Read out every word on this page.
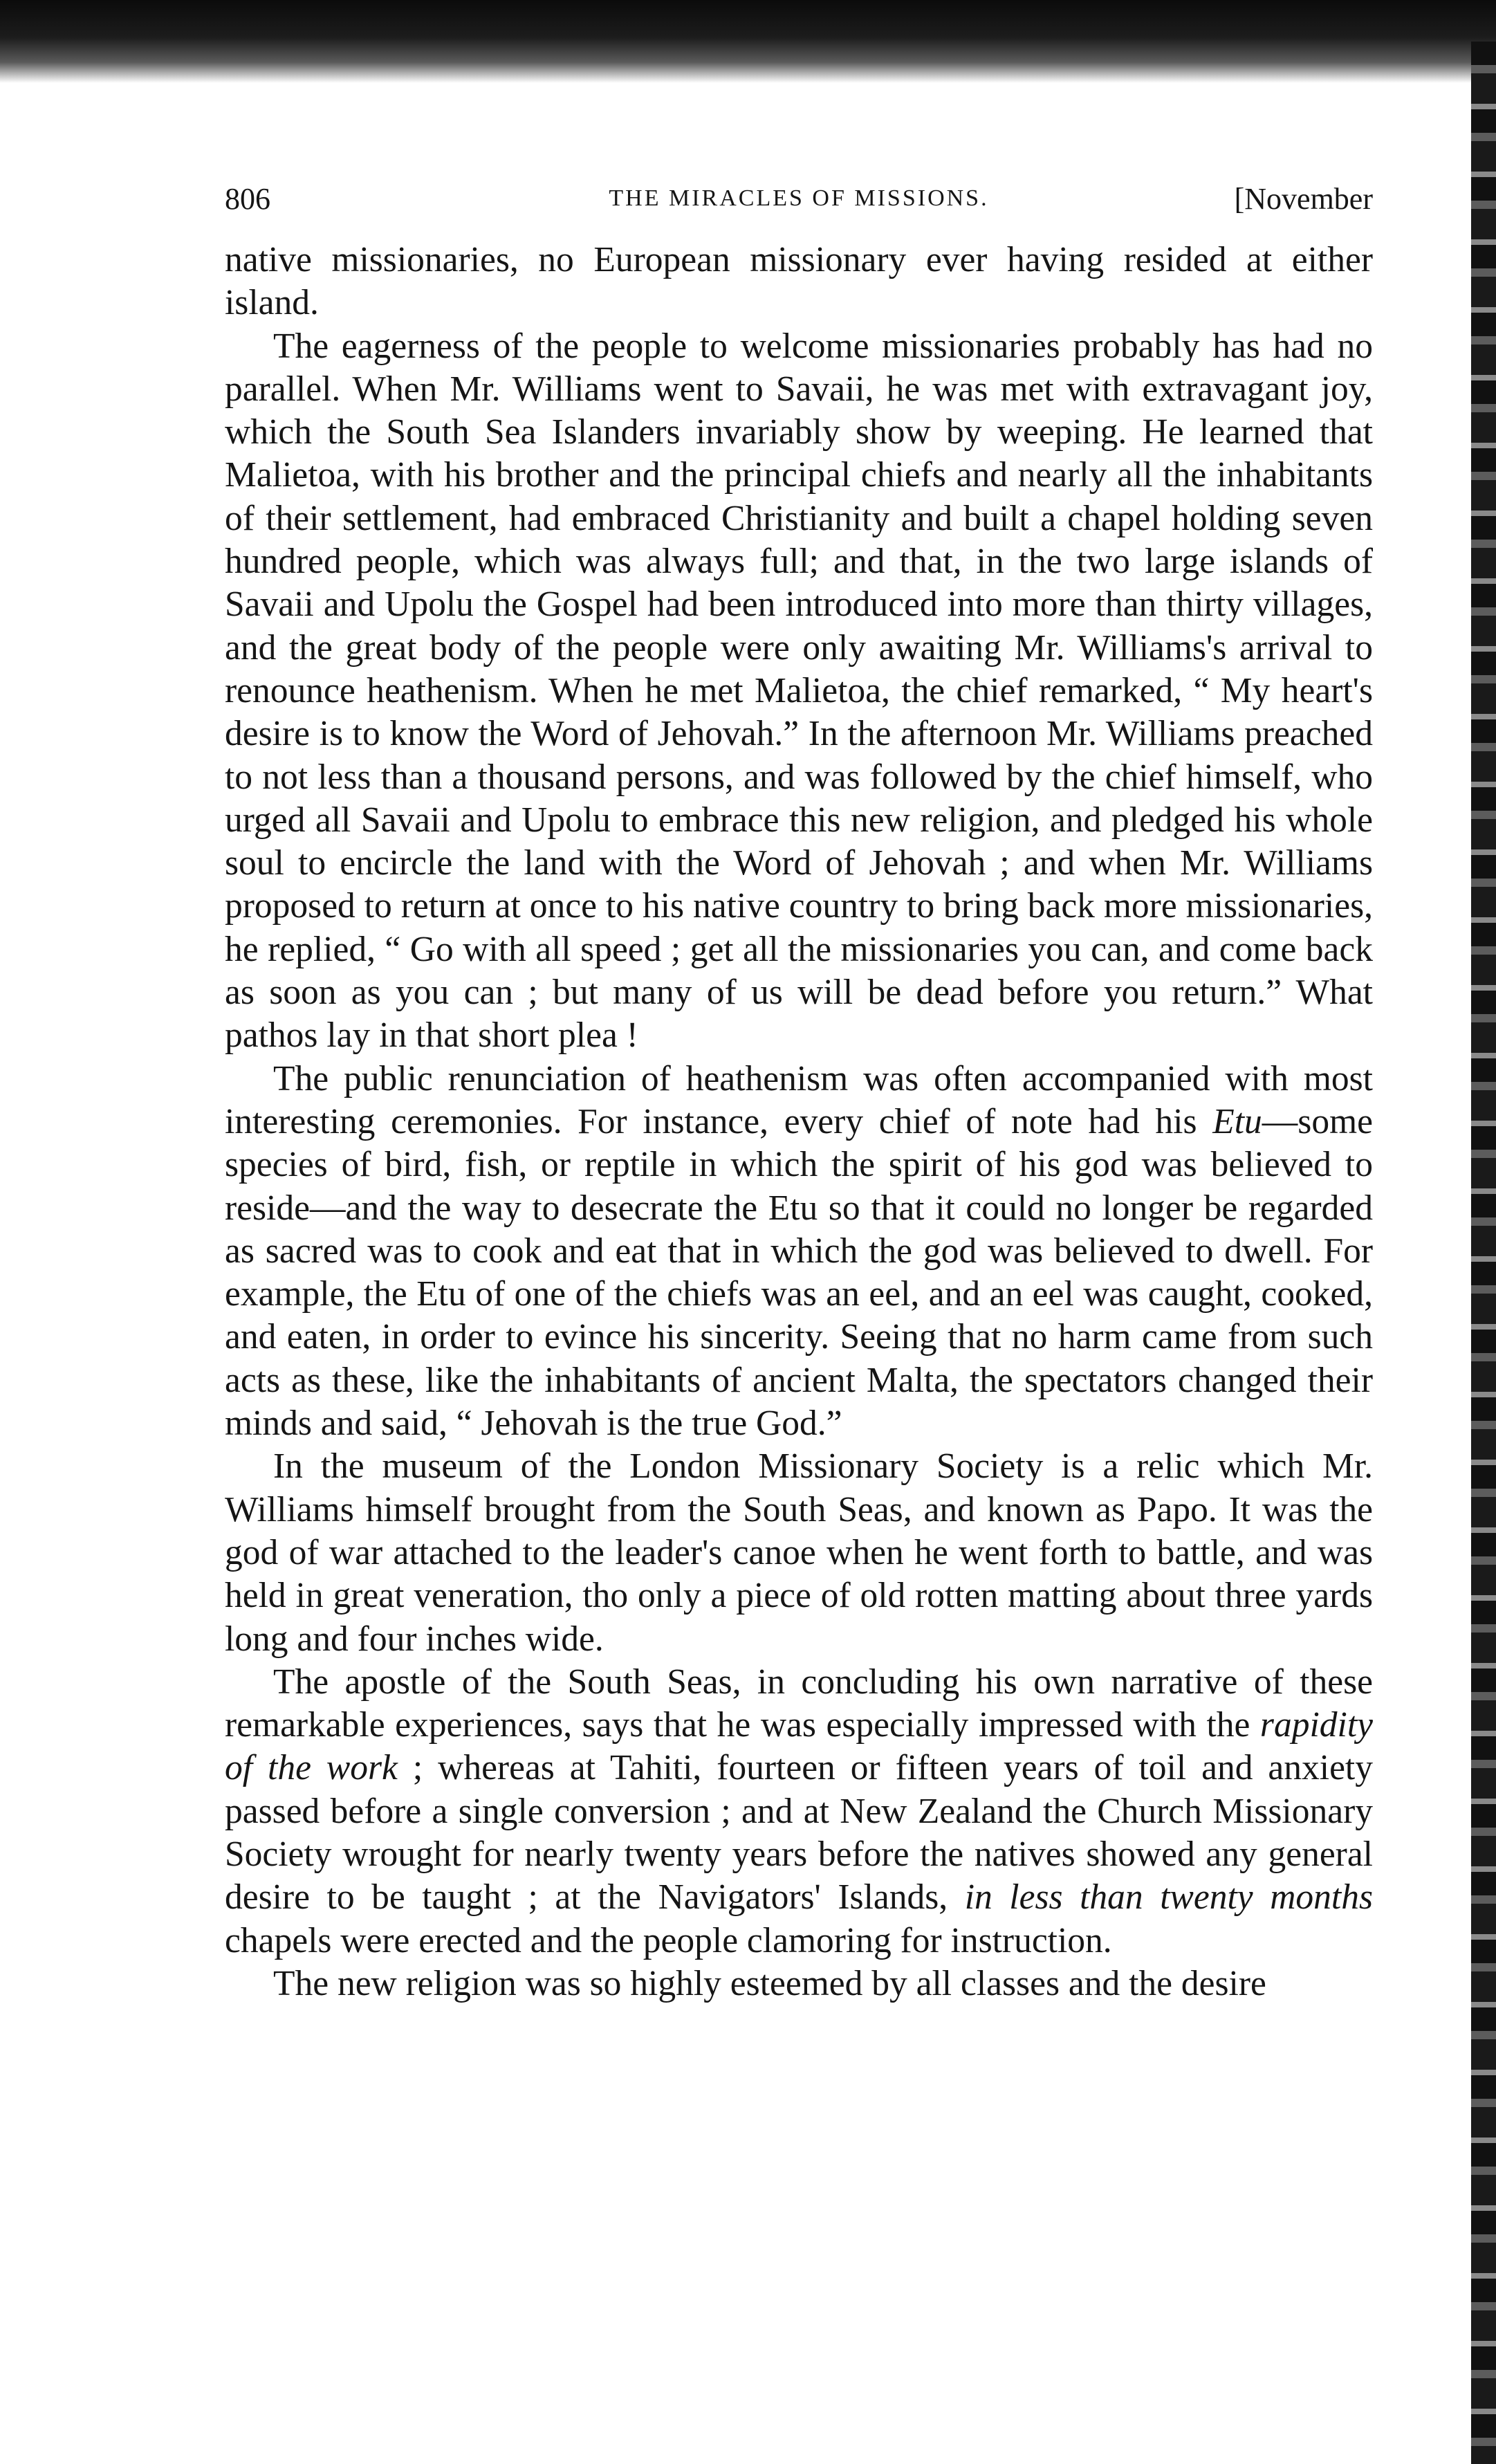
806	THE MIRACLES OF MISSIONS.	[November

native missionaries, no European missionary ever having resided at either island.

The eagerness of the people to welcome missionaries probably has had no parallel. When Mr. Williams went to Savaii, he was met with extravagant joy, which the South Sea Islanders invariably show by weeping. He learned that Malietoa, with his brother and the principal chiefs and nearly all the inhabitants of their settlement, had embraced Christianity and built a chapel holding seven hundred people, which was always full; and that, in the two large islands of Savaii and Upolu the Gospel had been introduced into more than thirty villages, and the great body of the people were only awaiting Mr. Williams's arrival to renounce heathenism. When he met Malietoa, the chief remarked, “ My heart's desire is to know the Word of Jehovah.” In the afternoon Mr. Williams preached to not less than a thousand persons, and was followed by the chief himself, who urged all Savaii and Upolu to embrace this new religion, and pledged his whole soul to encircle the land with the Word of Jehovah ; and when Mr. Williams proposed to return at once to his native country to bring back more missionaries, he replied, “ Go with all speed ; get all the missionaries you can, and come back as soon as you can ; but many of us will be dead before you return.” What pathos lay in that short plea !

The public renunciation of heathenism was often accompanied with most interesting ceremonies. For instance, every chief of note had his Etu—some species of bird, fish, or reptile in which the spirit of his god was believed to reside—and the way to desecrate the Etu so that it could no longer be regarded as sacred was to cook and eat that in which the god was believed to dwell. For example, the Etu of one of the chiefs was an eel, and an eel was caught, cooked, and eaten, in order to evince his sincerity. Seeing that no harm came from such acts as these, like the inhabitants of ancient Malta, the spectators changed their minds and said, “ Jehovah is the true God.”

In the museum of the London Missionary Society is a relic which Mr. Williams himself brought from the South Seas, and known as Papo. It was the god of war attached to the leader's canoe when he went forth to battle, and was held in great veneration, tho only a piece of old rotten matting about three yards long and four inches wide.

The apostle of the South Seas, in concluding his own narrative of these remarkable experiences, says that he was especially impressed with the rapidity of the work ; whereas at Tahiti, fourteen or fifteen years of toil and anxiety passed before a single conversion ; and at New Zealand the Church Missionary Society wrought for nearly twenty years before the natives showed any general desire to be taught ; at the Navigators' Islands, in less than twenty months chapels were erected and the people clamoring for instruction.

The new religion was so highly esteemed by all classes and the desire
